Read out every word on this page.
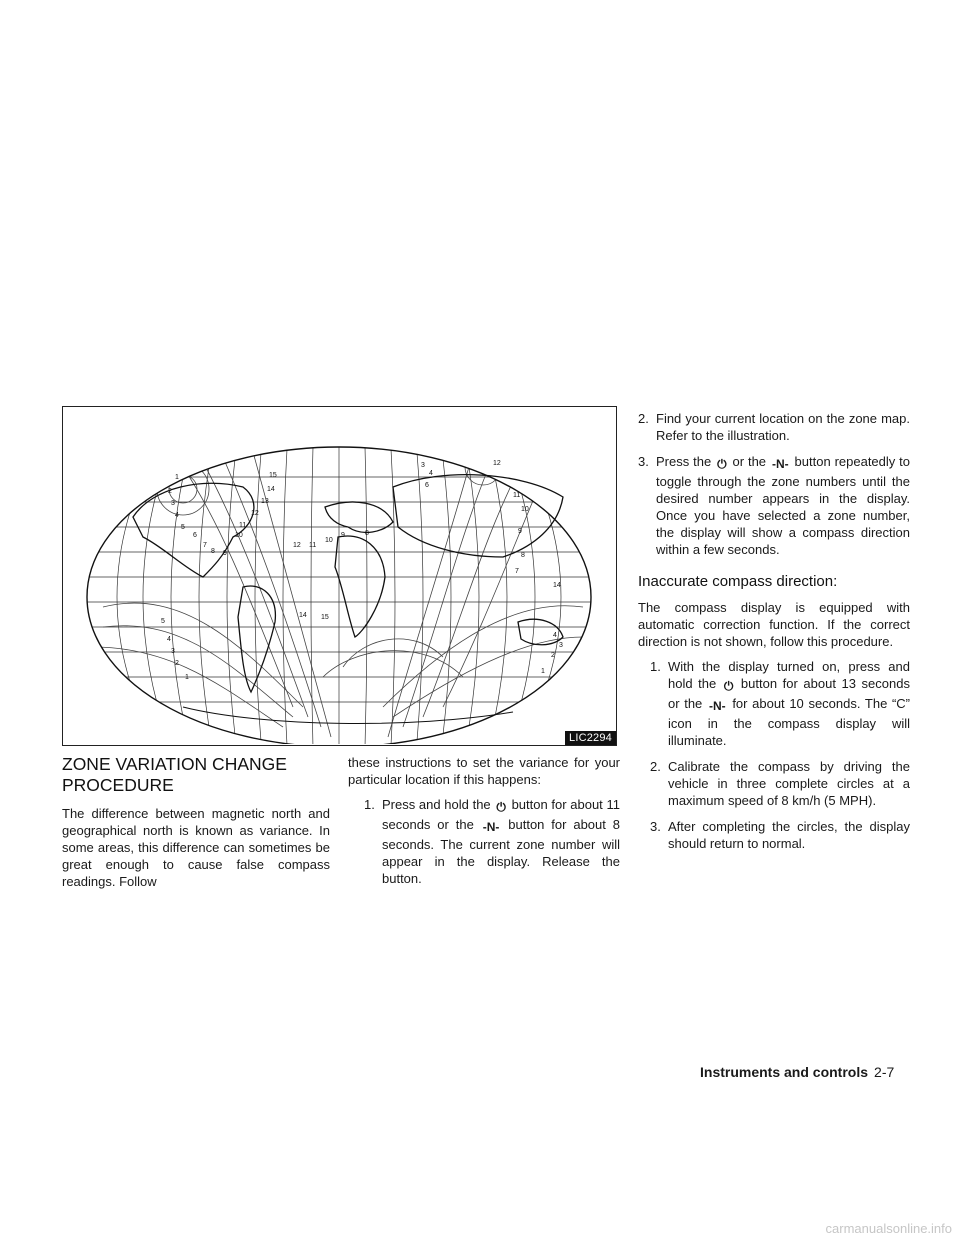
1
2
3
4
5
6
7
8 9
10
11
12
13
14
15
12 11
10
9	8
3
4
6
12
11
10
9
8
7
5
4
3
2
1
14 15
4
3
2
1
14
LIC2294
ZONE VARIATION CHANGE PROCEDURE

The difference between magnetic north and geographical north is known as variance. In some areas, this difference can sometimes be great enough to cause false compass readings. Follow

these instructions to set the variance for your particular location if this happens:

1. Press and hold the ⏻ button for about 11 seconds or the -N- button for about 8 seconds. The current zone number will appear in the display. Release the button.
2. Find your current location on the zone map. Refer to the illustration.
3. Press the ⏻ or the -N- button repeatedly to toggle through the zone numbers until the desired number appears in the display. Once you have selected a zone number, the display will show a compass direction within a few seconds.
Inaccurate compass direction:

The compass display is equipped with automatic correction function. If the correct direction is not shown, follow this procedure.

1. With the display turned on, press and hold the ⏻ button for about 13 seconds or the -N- for about 10 seconds. The “C” icon in the compass display will illuminate.
2. Calibrate the compass by driving the vehicle in three complete circles at a maximum speed of 8 km/h (5 MPH).
3. After completing the circles, the display should return to normal.
Instruments and controls 2-7
carmanualsonline.info
